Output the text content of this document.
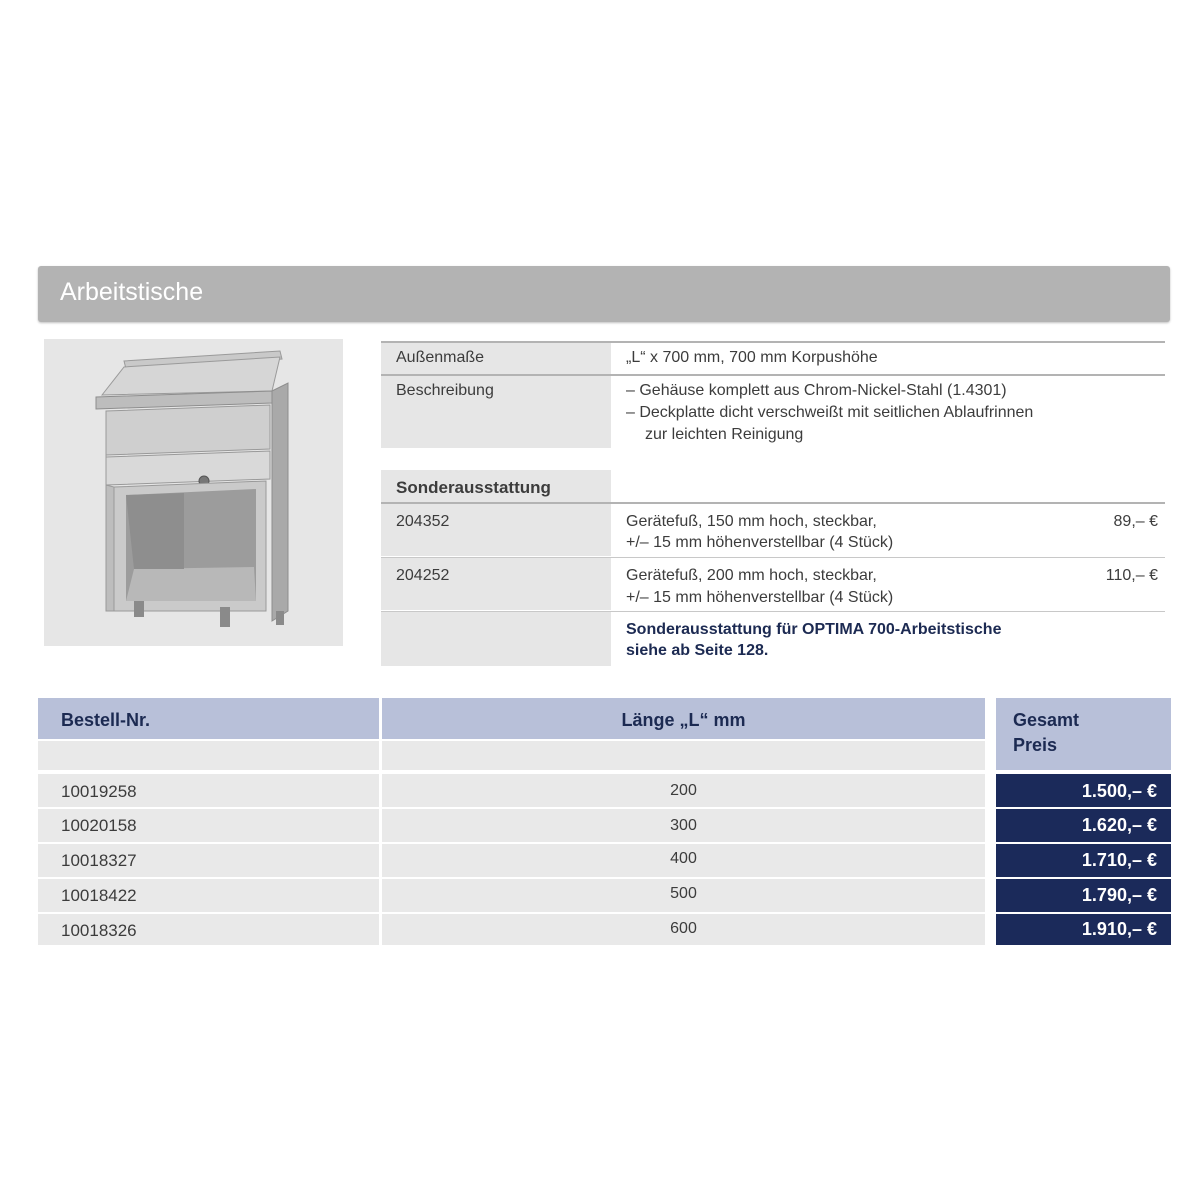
Arbeitstische
Außenmaße	„L“ x 700 mm, 700 mm Korpushöhe
Beschreibung	– Gehäuse komplett aus Chrom-Nickel-Stahl (1.4301)
– Deckplatte dicht verschweißt mit seitlichen Ablaufrinnen
zur leichten Reinigung
Sonderausstattung
204352	Gerätefuß, 150 mm hoch, steckbar,
+/– 15 mm höhenverstellbar (4 Stück)
89,– €
204252	Gerätefuß, 200 mm hoch, steckbar,
+/– 15 mm höhenverstellbar (4 Stück)
110,– €
Sonderausstattung für OPTIMA 700-Arbeitstische
siehe ab Seite 128.
Bestell-Nr.	Länge „L“ mm	Gesamt
Preis
10019258	200	1.500,– €
10020158	300	1.620,– €
10018327	400	1.710,– €
10018422	500	1.790,– €
10018326	600	1.910,– €
